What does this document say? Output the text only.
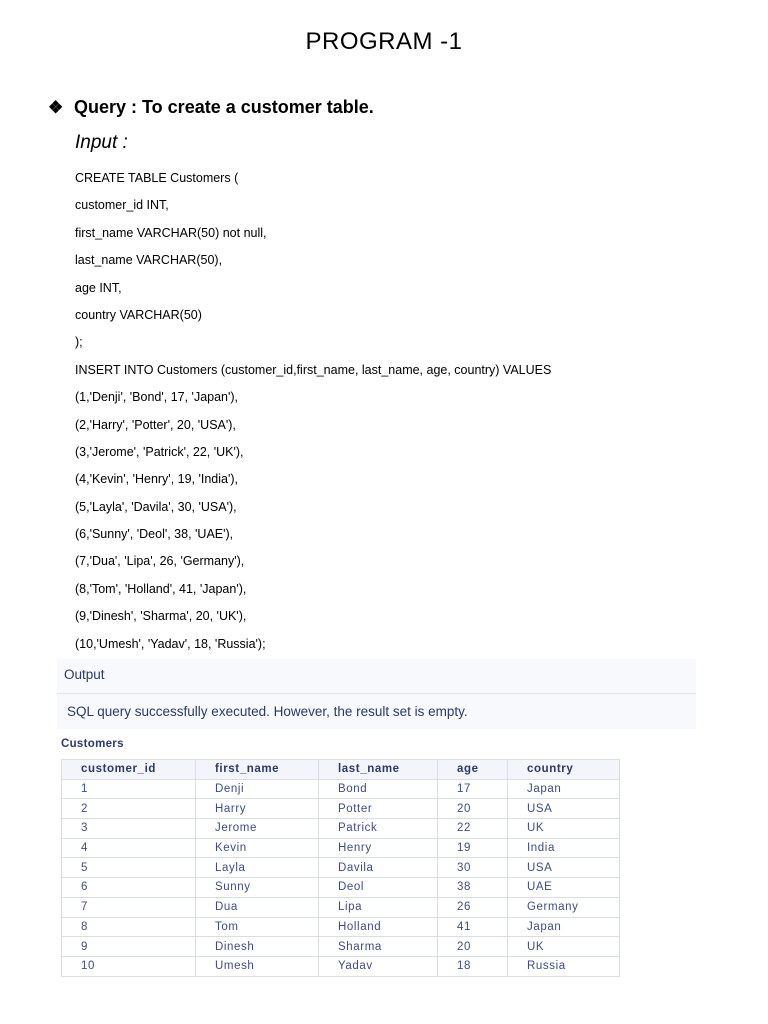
PROGRAM -1
❖ Query : To create a customer table.
Input :
CREATE TABLE Customers (
customer_id INT,
first_name VARCHAR(50) not null,
last_name VARCHAR(50),
age INT,
country VARCHAR(50)
);
INSERT INTO Customers (customer_id,first_name, last_name, age, country) VALUES
(1,'Denji', 'Bond', 17, 'Japan'),
(2,'Harry', 'Potter', 20, 'USA'),
(3,'Jerome', 'Patrick', 22, 'UK'),
(4,'Kevin', 'Henry', 19, 'India'),
(5,'Layla', 'Davila', 30, 'USA'),
(6,'Sunny', 'Deol', 38, 'UAE'),
(7,'Dua', 'Lipa', 26, 'Germany'),
(8,'Tom', 'Holland', 41, 'Japan'),
(9,'Dinesh', 'Sharma', 20, 'UK'),
(10,'Umesh', 'Yadav', 18, 'Russia');
Output
SQL query successfully executed. However, the result set is empty.
Customers
customer_id	first_name	last_name	age	country
1	Denji	Bond	17	Japan
2	Harry	Potter	20	USA
3	Jerome	Patrick	22	UK
4	Kevin	Henry	19	India
5	Layla	Davila	30	USA
6	Sunny	Deol	38	UAE
7	Dua	Lipa	26	Germany
8	Tom	Holland	41	Japan
9	Dinesh	Sharma	20	UK
10	Umesh	Yadav	18	Russia
